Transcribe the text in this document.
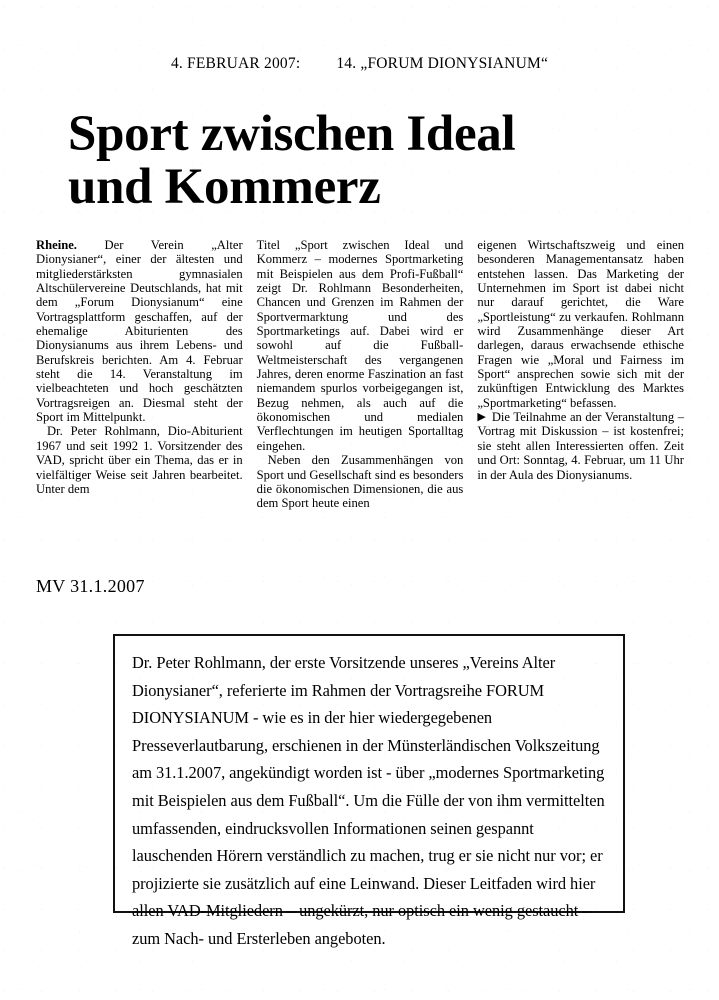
4. FEBRUAR 2007: 14. „FORUM DIONYSIANUM“
Sport zwischen Ideal
und Kommerz

Rheine. Der Verein „Alter Dionysianer“, einer der ältesten und mitgliederstärksten gymnasialen Altschülervereine Deutschlands, hat mit dem „Forum Dionysianum“ eine Vortragsplattform geschaffen, auf der ehemalige Abiturienten des Dionysianums aus ihrem Lebens- und Berufskreis berichten. Am 4. Februar steht die 14. Veranstaltung im vielbeachteten und hoch geschätzten Vortragsreigen an. Diesmal steht der Sport im Mittelpunkt.

Dr. Peter Rohlmann, Dio-Abiturient 1967 und seit 1992 1. Vorsitzender des VAD, spricht über ein Thema, das er in vielfältiger Weise seit Jahren bearbeitet. Unter dem

Titel „Sport zwischen Ideal und Kommerz – modernes Sportmarketing mit Beispielen aus dem Profi-Fußball“ zeigt Dr. Rohlmann Besonderheiten, Chancen und Grenzen im Rahmen der Sportvermarktung und des Sportmarketings auf. Dabei wird er sowohl auf die Fußball-Weltmeisterschaft des vergangenen Jahres, deren enorme Faszination an fast niemandem spurlos vorbeigegangen ist, Bezug nehmen, als auch auf die ökonomischen und medialen Verflechtungen im heutigen Sportalltag eingehen.

Neben den Zusammenhängen von Sport und Gesellschaft sind es besonders die ökonomischen Dimensionen, die aus dem Sport heute einen

eigenen Wirtschaftszweig und einen besonderen Managementansatz haben entstehen lassen. Das Marketing der Unternehmen im Sport ist dabei nicht nur darauf gerichtet, die Ware „Sportleistung“ zu verkaufen. Rohlmann wird Zusammenhänge dieser Art darlegen, daraus erwachsende ethische Fragen wie „Moral und Fairness im Sport“ ansprechen sowie sich mit der zukünftigen Entwicklung des Marktes „Sportmarketing“ befassen.

▶ Die Teilnahme an der Veranstaltung – Vortrag mit Diskussion – ist kostenfrei; sie steht allen Interessierten offen. Zeit und Ort: Sonntag, 4. Februar, um 11 Uhr in der Aula des Dionysianums.

MV 31.1.2007

Dr. Peter Rohlmann, der erste Vorsitzende unseres „Vereins Alter Dionysianer“, referierte im Rahmen der Vortragsreihe FORUM DIONYSIANUM - wie es in der hier wiedergegebenen Presseverlautbarung, erschienen in der Münsterländischen Volkszeitung am 31.1.2007, angekündigt worden ist - über „modernes Sportmarketing mit Beispielen aus dem Fußball“. Um die Fülle der von ihm vermittelten umfassenden, eindrucksvollen Informationen seinen gespannt lauschenden Hörern verständlich zu machen, trug er sie nicht nur vor; er projizierte sie zusätzlich auf eine Leinwand. Dieser Leitfaden wird hier allen VAD-Mitgliedern – ungekürzt, nur optisch ein wenig gestaucht – zum Nach- und Ersterleben angeboten.
